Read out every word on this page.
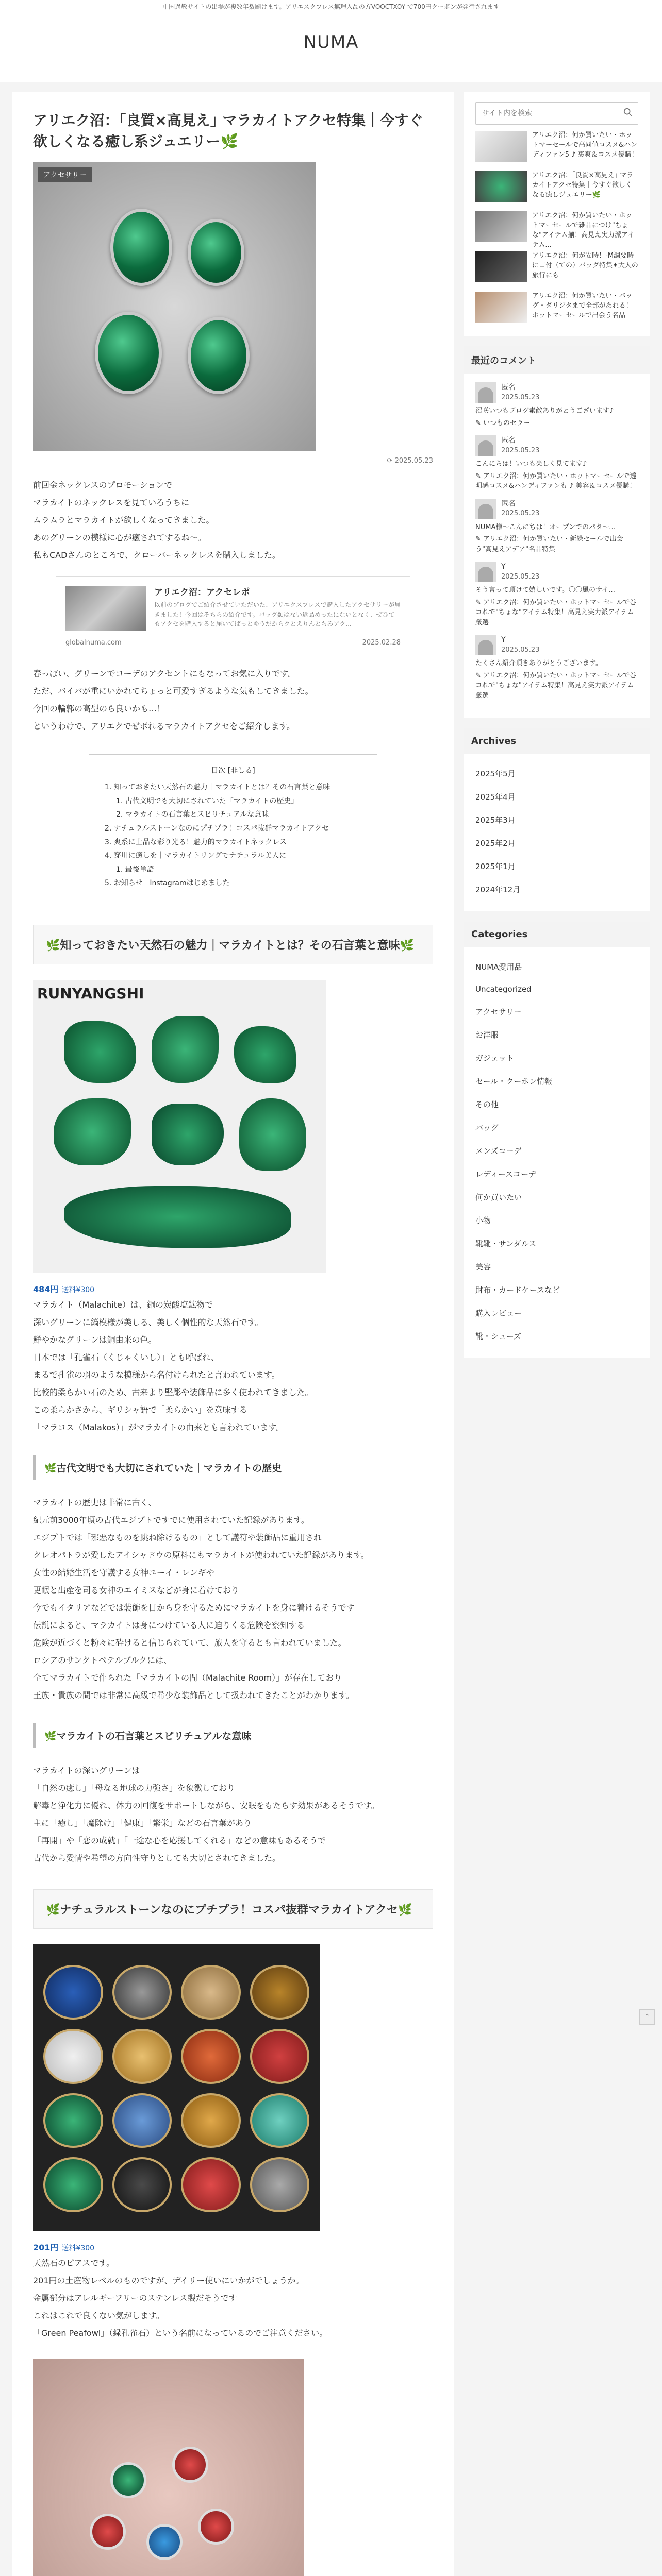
中国過敏サイトの出場が複数年数刷けます。アリエスクプレス無理入品の方VOOCTXOY で700円クーポンが発行されます
NUMA
アリエク沼：｢良質×高見え｣ マラカイトアクセ特集｜今すぐ欲しくなる癒し系ジュエリー🌿
アクセサリー
⟳ 2025.05.23

前回金ネックレスのプロモーションで

マラカイトのネックレスを見ていろうちに

ムラムラとマラカイトが欲しくなってきました。

あのグリーンの模様に心が癒されてするね〜。

私もCADさんのところで、クローバーネックレスを購入しました。

アリエク沼：アクセレポ
以前のブログでご紹介させていただいた、アリエクスプレスで購入したアクセサリーが届きました！今回はそちらの紹介です。バッグ類はない返品めったにないとなく、ぜひてもアクセを購入すると届いてぱっとゆうだからクとえりんとちみアク...
globalnuma.com	2025.02.28

春っぽい、グリーンでコーデのアクセントにもなってお気に入りです。

ただ、バイパが重にいかれてちょっと可愛すぎるような気もしてきました。

今回の輪郭の高型のら良いかも…！

というわけで、アリエクでぜボれるマラカイトアクセをご紹介します。

目次 [非しる]
1. 知っておきたい天然石の魅力｜マラカイトとは？その石言葉と意味
1. 古代文明でも大切にされていた「マラカイトの歴史」
2. マラカイトの石言葉とスピリチュアルな意味
2. ナチュラルストーンなのにプチプラ！コスパ抜群マラカイトアクセ
3. 爽系に上品な彩り光る！魅力的マラカイトネックレス
4. 穿川に癒しを｜マラカイトリングでナチュラル美人に
1. 最後単語
5. お知らせ｜Instagramはじめました
🌿知っておきたい天然石の魅力｜マラカイトとは？その石言葉と意味🌿
RUNYANGSHI
484円 送料¥300

マラカイト（Malachite）は、銅の炭酸塩鉱物で

深いグリーンに縞模様が美しる、美しく個性的な天然石です。

鮮やかなグリーンは銅由来の色。

日本では「孔雀石（くじゃくいし）」とも呼ばれ、

まるで孔雀の羽のような模様から名付けられたと言われています。

比較的柔らかい石のため、古来より堅彫や装飾品に多く使われてきました。

この柔らかさから、ギリシャ語で「柔らかい」を意味する

「マラコス（Malakos）」がマラカイトの由来とも言われています。

🌿古代文明でも大切にされていた｜マラカイトの歴史

マラカイトの歴史は非常に古く、

紀元前3000年頃の古代エジプトですでに使用されていた記録があります。

エジプトでは「邪悪なものを跳ね除けるもの」として護符や装飾品に重用され

クレオパトラが愛したアイシャドウの原料にもマラカイトが使われていた記録があります。

女性の結婚生活を守護する女神ユーイ・レンギや

更眠と出産を司る女神のエイミスなどが身に着けており

今でもイタリアなどでは装飾を目から身を守るためにマラカイトを身に着けるそうです

伝説によると、マラカイトは身につけている人に迫りくる危険を察知する

危険が近づくと粉々に砕けると信じられていて、旅人を守るとも言われていました。

ロシアのサンクトペテルブルクには、

全てマラカイトで作られた「マラカイトの間（Malachite Room）」が存在しており

王族・貴族の間では非常に高級で希少な装飾品として扱われてきたことがわかります。

🌿マラカイトの石言葉とスピリチュアルな意味

マラカイトの深いグリーンは

「自然の癒し」「母なる地球の力強さ」を象徴しており

解毒と浄化力に優れ、体力の回復をサポートしながら、安眠をもたらす効果があるそうです。

主に「癒し」「魔除け」「健康」「繁栄」などの石言葉があり

「再開」や「恋の成就」「一途な心を応援してくれる」などの意味もあるそうで

古代から愛情や希望の方向性守りとしても大切とされてきました。

🌿ナチュラルストーンなのにプチプラ！コスパ抜群マラカイトアクセ🌿
201円 送料¥300

天然石のピアスです。

201円の土産物レベルのものですが、デイリー使いにいかがでしょうか。

金属部分はアレルギーフリーのステンレス製だそうです

これはこれで良くない気がします。

「Green Peafowl」（緑孔雀石）という名前になっているのでご注意ください。

サイト内を検索
アリエク沼：何か買いたい・ホットマーセールで高同値コスメ&ハンディファン5 ♪ 裏爽＆コスメ優購！
アリエク沼：｢良質×高見え｣ マラカイトアクセ特集｜今すぐ欲しくなる癒しジュエリー🌿
アリエク沼：何か買いたい・ホットマーセールで雑品につけ"ちょな"アイテム揃！高見え実力派アイテム...
アリエク沼：何が安時！-M調要時に口付（ての）バッグ特集✦大人の旅行にも
アリエク沼：何か買いたい・バッグ・ダリジタまで全部があれる！ホットマーセールで出会う名品
最近のコメント
匿名
2025.05.23
沼咲いつもブログ素敵ありがとうございます♪
✎ いつものセラー
匿名
2025.05.23
こんにちは！いつも楽しく見てます♪
✎ アリエク沼：何か買いたい・ホットマーセールで透明感コスメ&ハンディファンも ♪ 美容＆コスメ優購！
匿名
2025.05.23
NUMA様〜こんにちは！オープンでのパタ〜…
✎ アリエク沼：何か買いたい・新緑セールで出会う"高見えアデア"名品特集
Y
2025.05.23
そう言って頂けて嬉しいです。〇〇風のサイ…
✎ アリエク沼：何か買いたい・ホットマーセールで巻コれで"ちょな"アイテム特集！高見え実力派アイテム厳選
Y
2025.05.23
たくさん紹介頂きありがとうございます。
✎ アリエク沼：何か買いたい・ホットマーセールで巻コれで"ちょな"アイテム特集！高見え実力派アイテム厳選
Archives
2025年5月
2025年4月
2025年3月
2025年2月
2025年1月
2024年12月
Categories
NUMA愛用品
Uncategorized
アクセサリー
お洋服
ガジェット
セール・クーポン情報
その他
バッグ
メンズコーデ
レディースコーデ
何か買いたい
小物
靴靴・サンダルス
美容
財布・カードケースなど
購入レビュー
靴・シューズ
⌃
